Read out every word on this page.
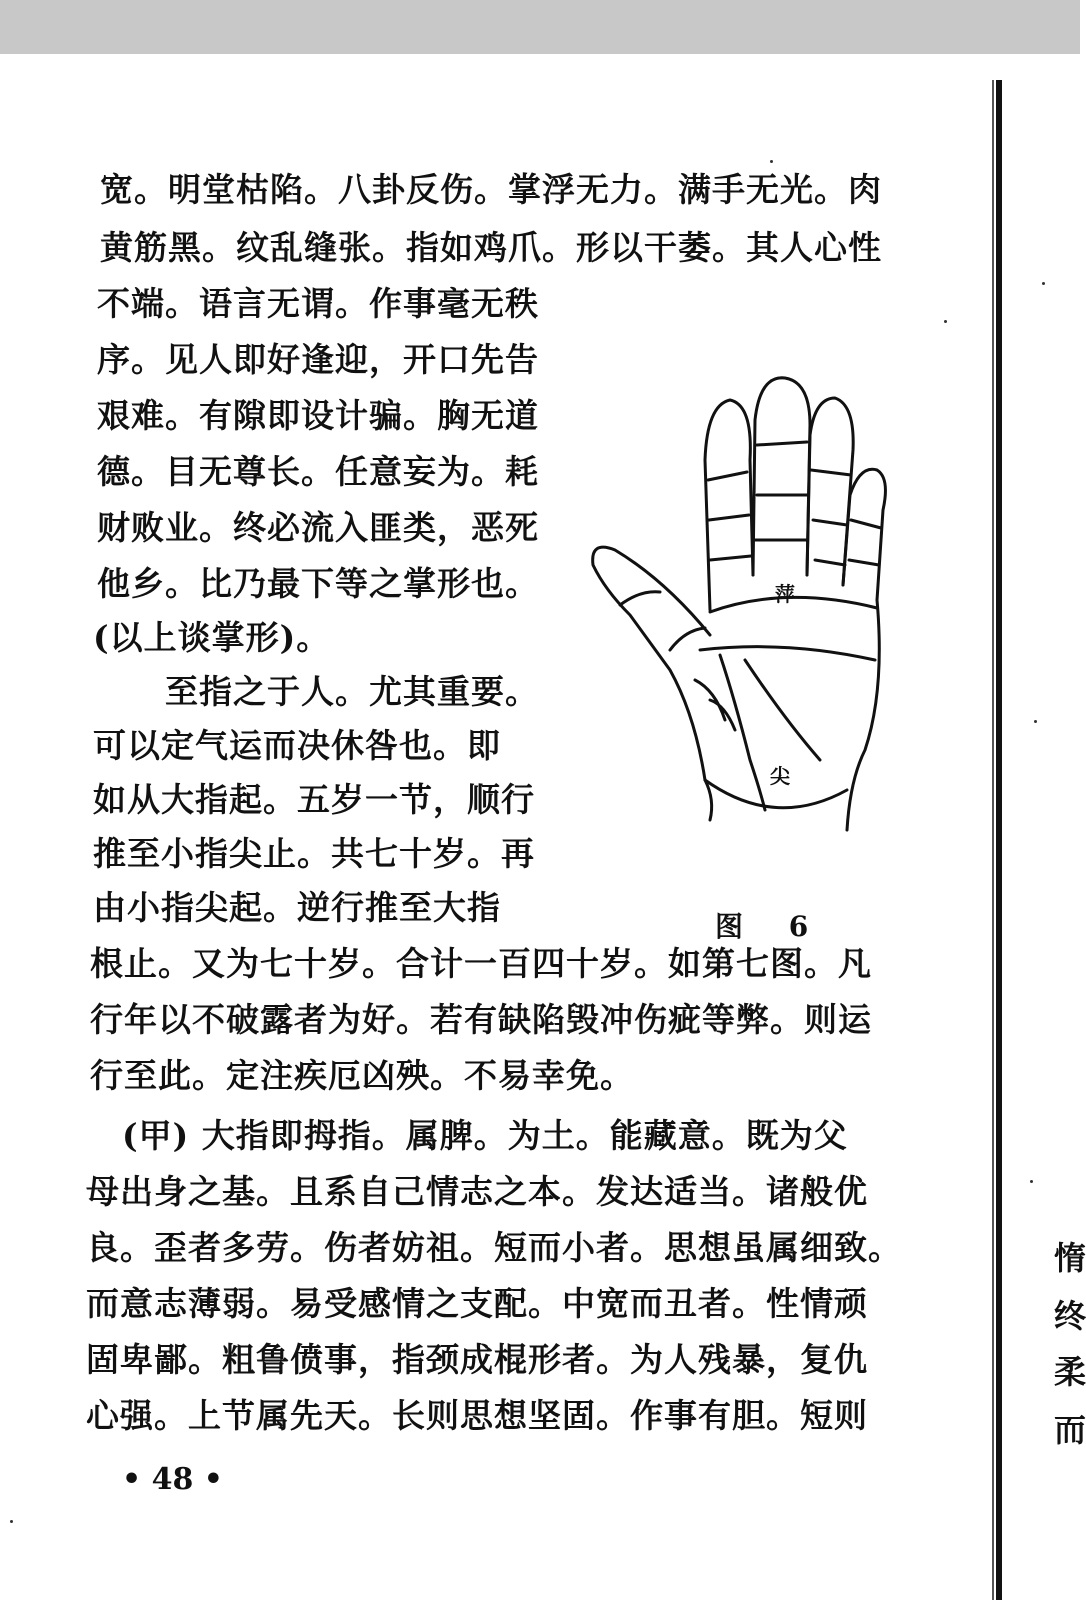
宽。明堂枯陷。八卦反伤。掌浮无力。满手无光。肉
黄筋黑。纹乱缝张。指如鸡爪。形以干萎。其人心性
不端。语言无谓。作事毫无秩
序。见人即好逢迎，开口先告
艰难。有隙即设计骗。胸无道
德。目无尊长。任意妄为。耗
财败业。终必流入匪类，恶死
他乡。比乃最下等之掌形也。
(以上谈掌形)。
至指之于人。尤其重要。
可以定气运而决休咎也。即
如从大指起。五岁一节，顺行
推至小指尖止。共七十岁。再
由小指尖起。逆行推至大指
根止。又为七十岁。合计一百四十岁。如第七图。凡
行年以不破露者为好。若有缺陷毁冲伤疵等弊。则运
行至此。定注疾厄凶殃。不易幸免。
(甲) 大指即拇指。属脾。为土。能藏意。既为父
母出身之基。且系自己情志之本。发达适当。诸般优
良。歪者多劳。伤者妨祖。短而小者。思想虽属细致。
而意志薄弱。易受感情之支配。中宽而丑者。性情顽
固卑鄙。粗鲁偾事，指颈成棍形者。为人残暴，复仇
心强。上节属先天。长则思想坚固。作事有胆。短则
萍
尖
图 6
• 48 •
惰
终
柔
而
